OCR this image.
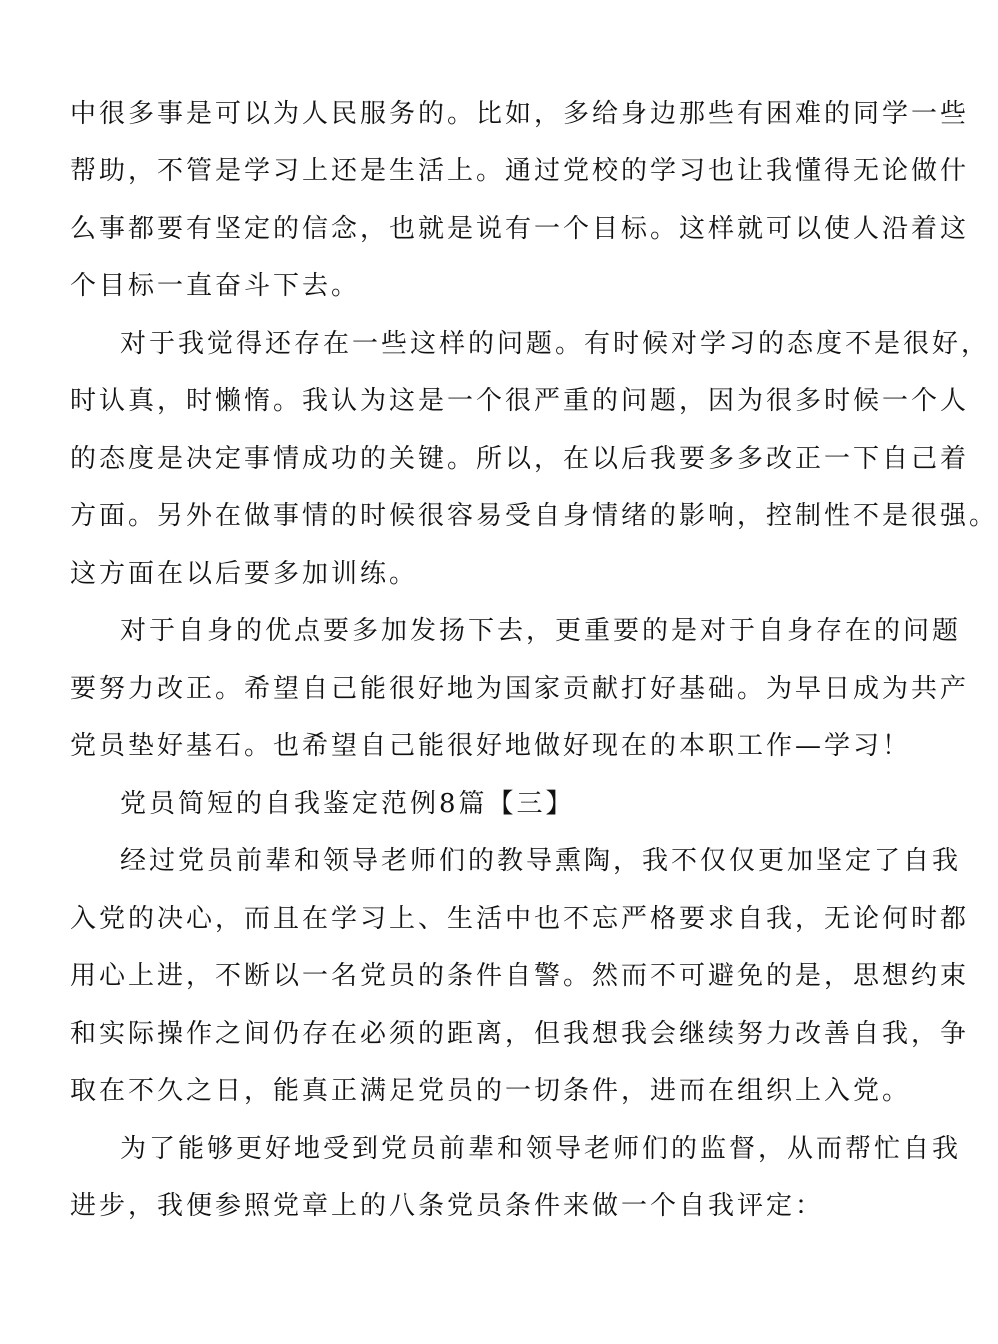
中很多事是可以为人民服务的。比如，多给身边那些有困难的同学一些
帮助，不管是学习上还是生活上。通过党校的学习也让我懂得无论做什
么事都要有坚定的信念，也就是说有一个目标。这样就可以使人沿着这
个目标一直奋斗下去。
对于我觉得还存在一些这样的问题。有时候对学习的态度不是很好，
时认真，时懒惰。我认为这是一个很严重的问题，因为很多时候一个人
的态度是决定事情成功的关键。所以，在以后我要多多改正一下自己着
方面。另外在做事情的时候很容易受自身情绪的影响，控制性不是很强。
这方面在以后要多加训练。
对于自身的优点要多加发扬下去，更重要的是对于自身存在的问题
要努力改正。希望自己能很好地为国家贡献打好基础。为早日成为共产
党员垫好基石。也希望自己能很好地做好现在的本职工作—学习！
党员简短的自我鉴定范例8篇【三】
经过党员前辈和领导老师们的教导熏陶，我不仅仅更加坚定了自我
入党的决心，而且在学习上、生活中也不忘严格要求自我，无论何时都
用心上进，不断以一名党员的条件自警。然而不可避免的是，思想约束
和实际操作之间仍存在必须的距离，但我想我会继续努力改善自我，争
取在不久之日，能真正满足党员的一切条件，进而在组织上入党。
为了能够更好地受到党员前辈和领导老师们的监督，从而帮忙自我
进步，我便参照党章上的八条党员条件来做一个自我评定：
